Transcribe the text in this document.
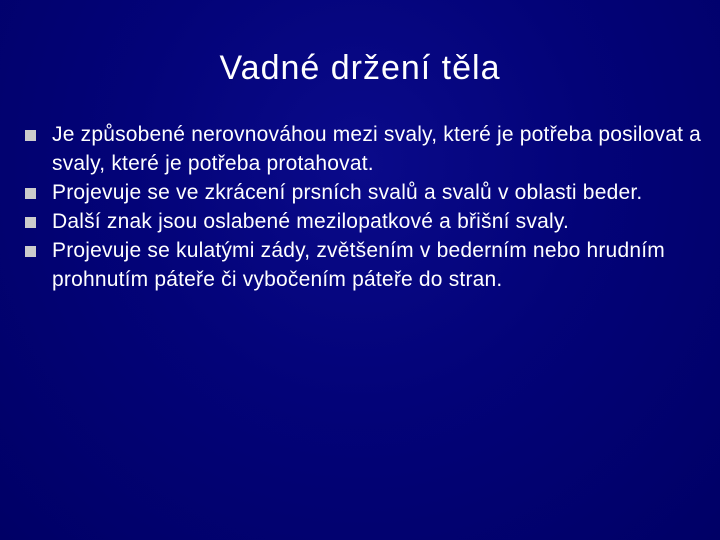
Vadné držení těla
Je způsobené nerovnováhou mezi svaly, které je potřeba posilovat a svaly, které je potřeba protahovat.
Projevuje se ve zkrácení prsních svalů a svalů v oblasti beder.
Další znak jsou oslabené mezilopatkové a břišní svaly.
Projevuje se kulatými zády, zvětšením v bederním nebo hrudním prohnutím páteře či vybočením páteře do stran.
